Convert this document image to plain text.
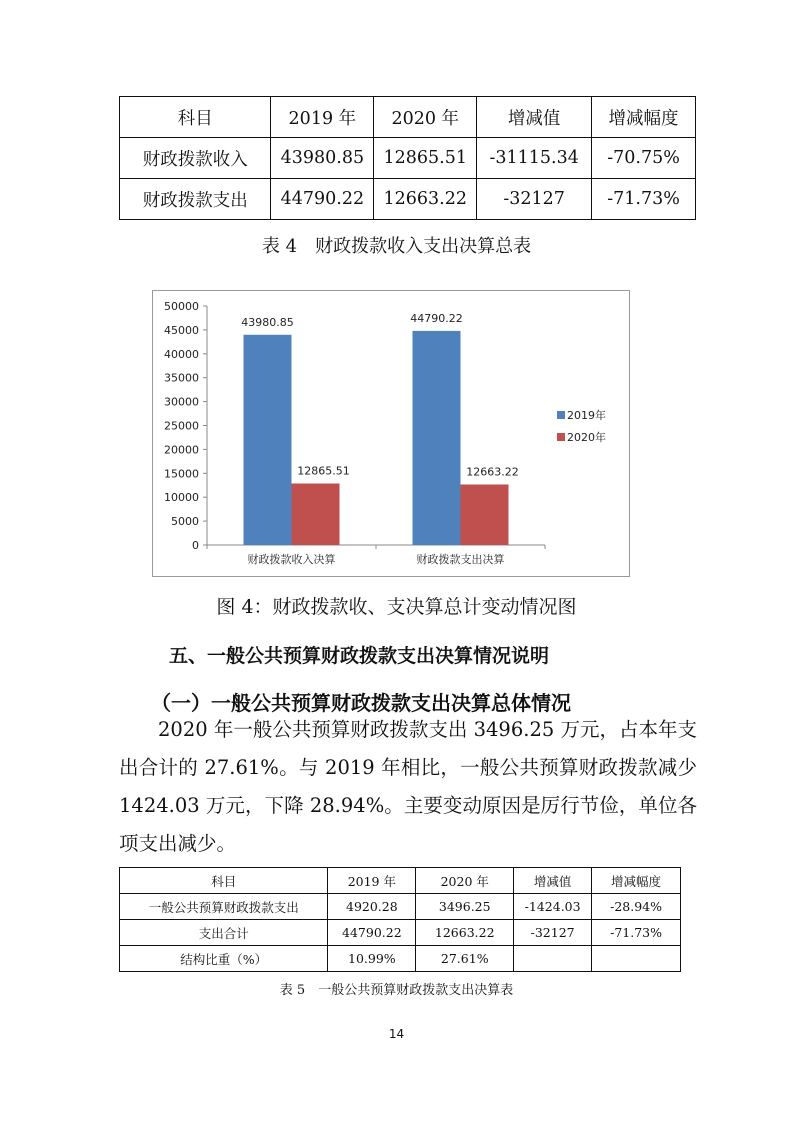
科目	2019 年	2020 年	增减值	增减幅度
财政拨款收入	43980.85	12865.51	-31115.34	-70.75%
财政拨款支出	44790.22	12663.22	-32127	-71.73%
表 4　财政拨款收入支出决算总表
0
5000
10000
15000
20000
25000
30000
35000
40000
45000
50000
43980.85
12865.51
财政拨款收入决算
44790.22
12663.22
财政拨款支出决算
2019年
2020年
图 4：财政拨款收、支决算总计变动情况图
五、一般公共预算财政拨款支出决算情况说明
（一）一般公共预算财政拨款支出决算总体情况

2020 年一般公共预算财政拨款支出 3496.25 万元，占本年支出合计的 27.61%。与 2019 年相比，一般公共预算财政拨款减少 1424.03 万元，下降 28.94%。主要变动原因是厉行节俭，单位各项支出减少。

科目	2019 年	2020 年	增减值	增减幅度
一般公共预算财政拨款支出	4920.28	3496.25	-1424.03	-28.94%
支出合计	44790.22	12663.22	-32127	-71.73%
结构比重（%）	10.99%	27.61%		
表 5　一般公共预算财政拨款支出决算表
14
